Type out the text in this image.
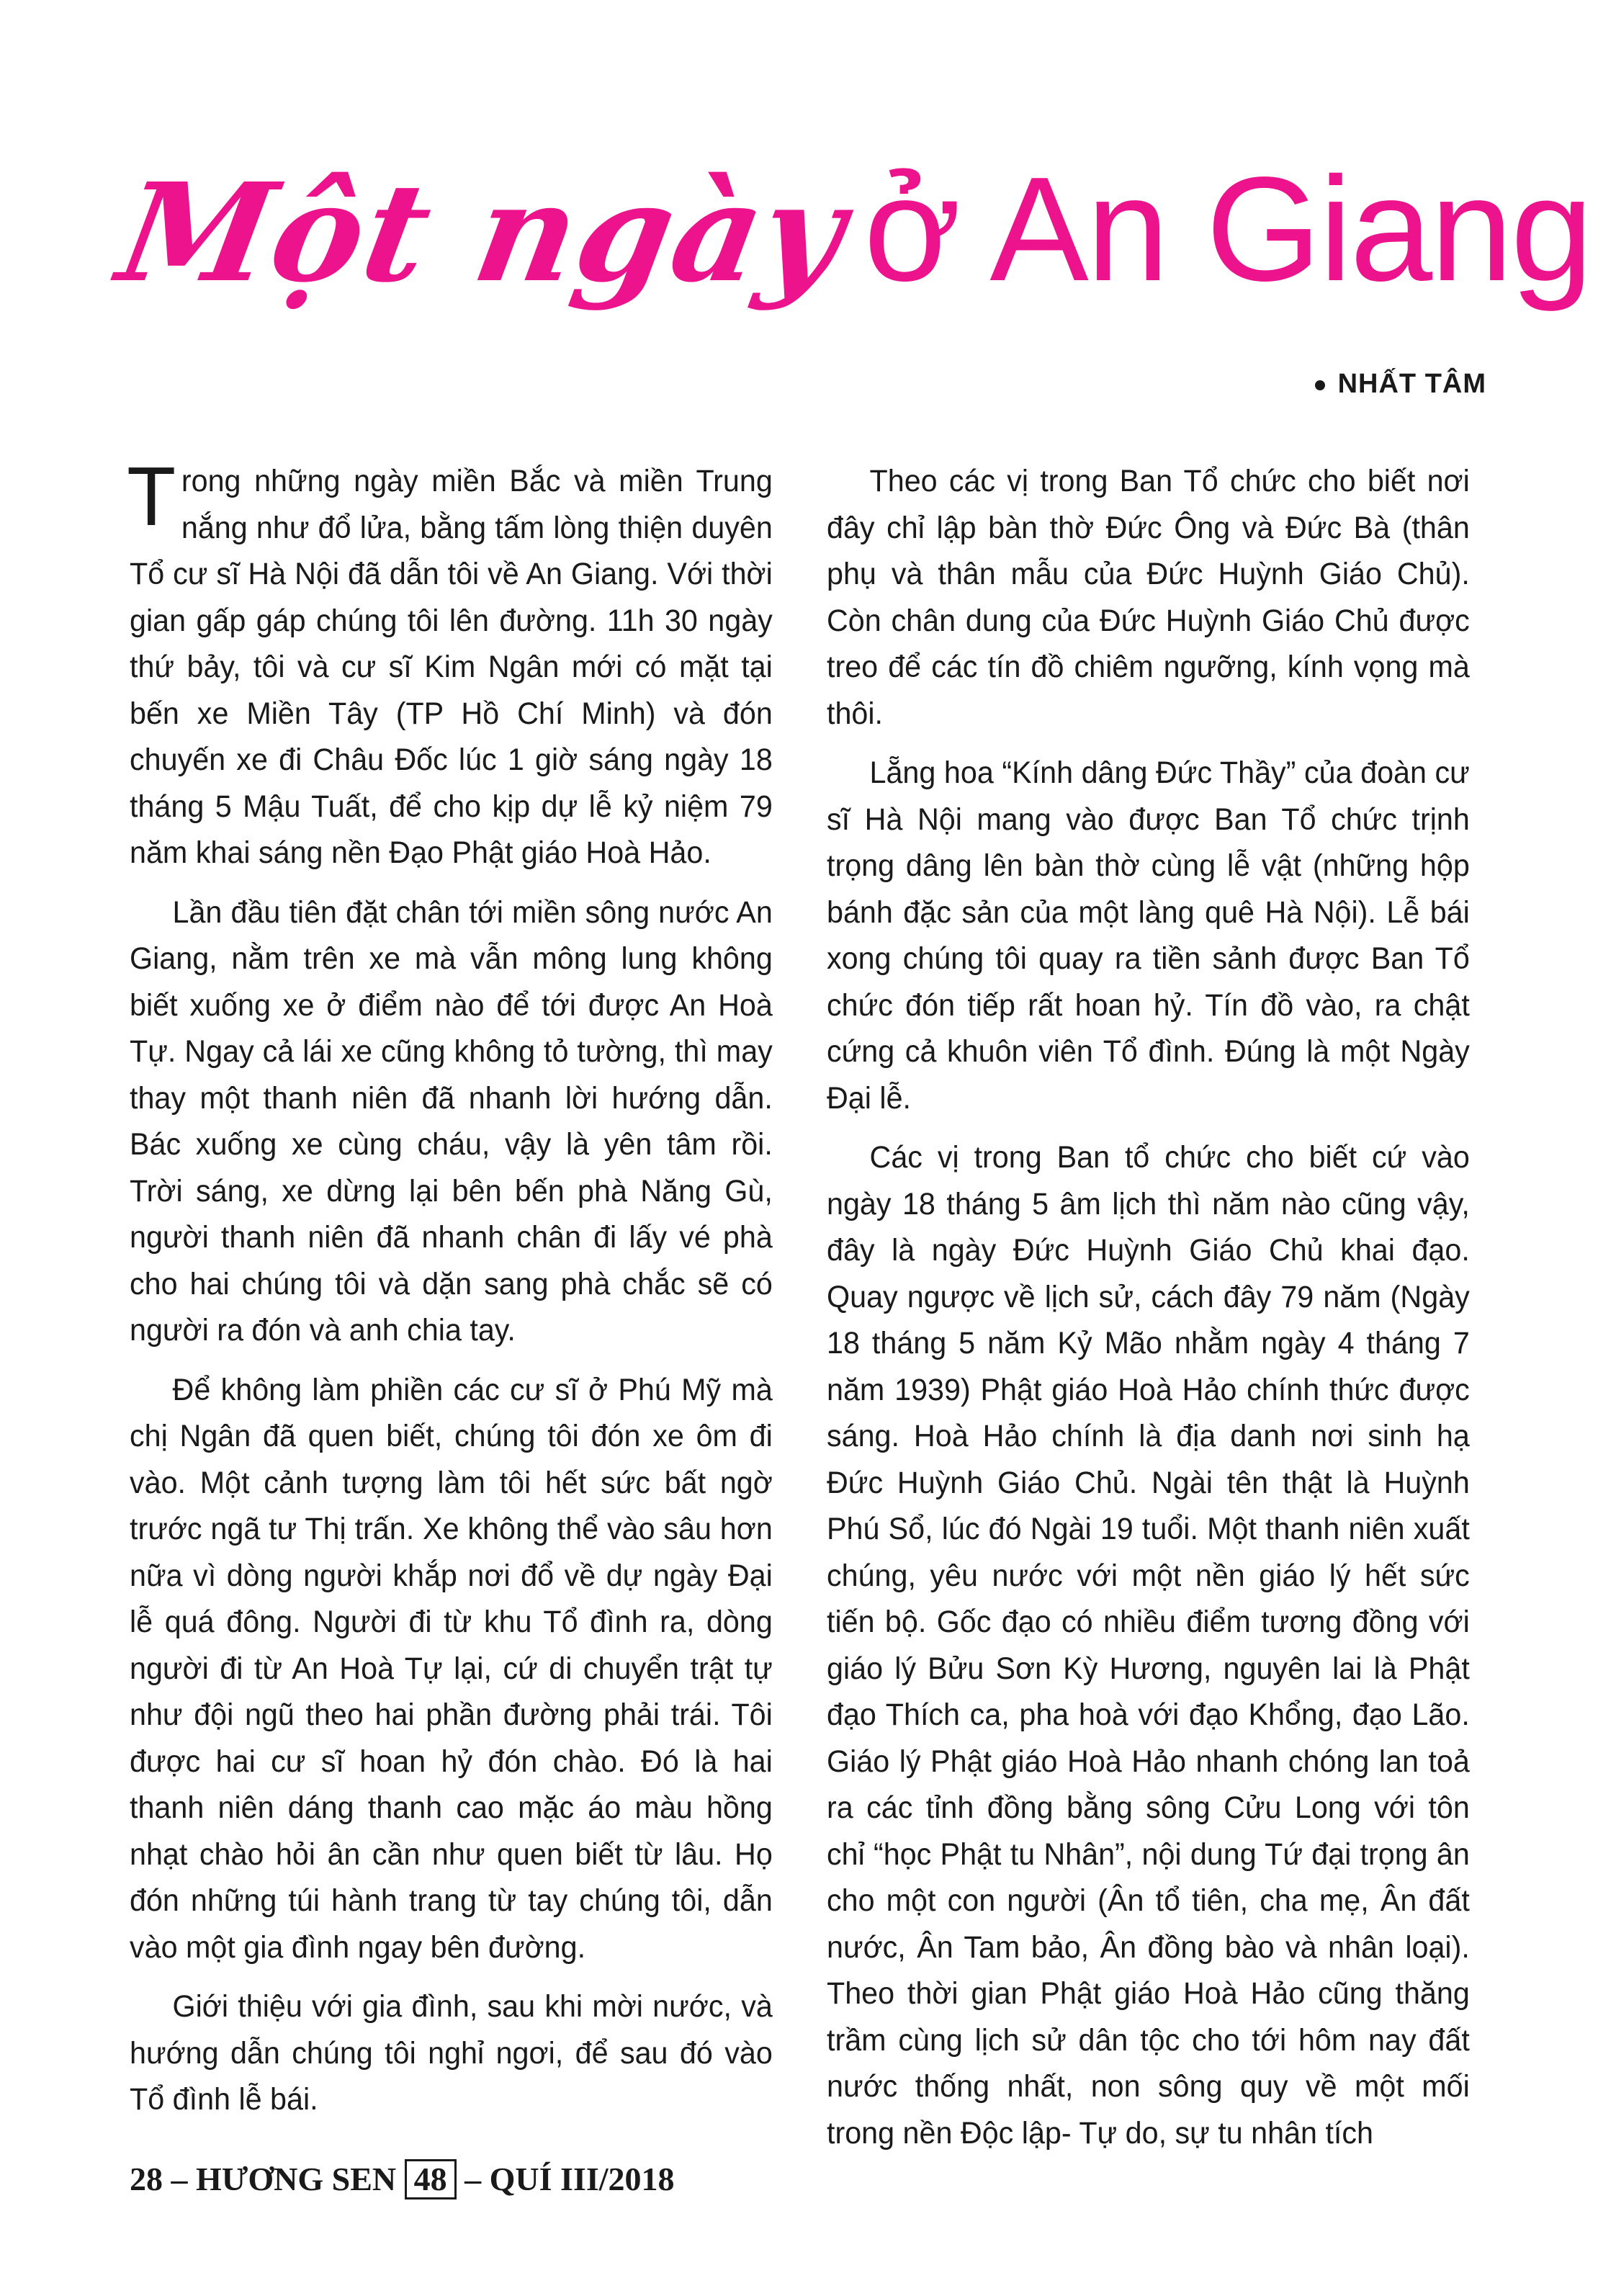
Một ngày ở An Giang
NHẤT TÂM

Trong những ngày miền Bắc và miền Trung nắng như đổ lửa, bằng tấm lòng thiện duyên Tổ cư sĩ Hà Nội đã dẫn tôi về An Giang. Với thời gian gấp gáp chúng tôi lên đường. 11h 30 ngày thứ bảy, tôi và cư sĩ Kim Ngân mới có mặt tại bến xe Miền Tây (TP Hồ Chí Minh) và đón chuyến xe đi Châu Đốc lúc 1 giờ sáng ngày 18 tháng 5 Mậu Tuất, để cho kịp dự lễ kỷ niệm 79 năm khai sáng nền Đạo Phật giáo Hoà Hảo.

Lần đầu tiên đặt chân tới miền sông nước An Giang, nằm trên xe mà vẫn mông lung không biết xuống xe ở điểm nào để tới được An Hoà Tự. Ngay cả lái xe cũng không tỏ tường, thì may thay một thanh niên đã nhanh lời hướng dẫn. Bác xuống xe cùng cháu, vậy là yên tâm rồi. Trời sáng, xe dừng lại bên bến phà Năng Gù, người thanh niên đã nhanh chân đi lấy vé phà cho hai chúng tôi và dặn sang phà chắc sẽ có người ra đón và anh chia tay.

Để không làm phiền các cư sĩ ở Phú Mỹ mà chị Ngân đã quen biết, chúng tôi đón xe ôm đi vào. Một cảnh tượng làm tôi hết sức bất ngờ trước ngã tư Thị trấn. Xe không thể vào sâu hơn nữa vì dòng người khắp nơi đổ về dự ngày Đại lễ quá đông. Người đi từ khu Tổ đình ra, dòng người đi từ An Hoà Tự lại, cứ di chuyển trật tự như đội ngũ theo hai phần đường phải trái. Tôi được hai cư sĩ hoan hỷ đón chào. Đó là hai thanh niên dáng thanh cao mặc áo màu hồng nhạt chào hỏi ân cần như quen biết từ lâu. Họ đón những túi hành trang từ tay chúng tôi, dẫn vào một gia đình ngay bên đường.

Giới thiệu với gia đình, sau khi mời nước, và hướng dẫn chúng tôi nghỉ ngơi, để sau đó vào Tổ đình lễ bái.

Theo các vị trong Ban Tổ chức cho biết nơi đây chỉ lập bàn thờ Đức Ông và Đức Bà (thân phụ và thân mẫu của Đức Huỳnh Giáo Chủ). Còn chân dung của Đức Huỳnh Giáo Chủ được treo để các tín đồ chiêm ngưỡng, kính vọng mà thôi.

Lẵng hoa “Kính dâng Đức Thầy” của đoàn cư sĩ Hà Nội mang vào được Ban Tổ chức trịnh trọng dâng lên bàn thờ cùng lễ vật (những hộp bánh đặc sản của một làng quê Hà Nội). Lễ bái xong chúng tôi quay ra tiền sảnh được Ban Tổ chức đón tiếp rất hoan hỷ. Tín đồ vào, ra chật cứng cả khuôn viên Tổ đình. Đúng là một Ngày Đại lễ.

Các vị trong Ban tổ chức cho biết cứ vào ngày 18 tháng 5 âm lịch thì năm nào cũng vậy, đây là ngày Đức Huỳnh Giáo Chủ khai đạo. Quay ngược về lịch sử, cách đây 79 năm (Ngày 18 tháng 5 năm Kỷ Mão nhằm ngày 4 tháng 7 năm 1939) Phật giáo Hoà Hảo chính thức được sáng. Hoà Hảo chính là địa danh nơi sinh hạ Đức Huỳnh Giáo Chủ. Ngài tên thật là Huỳnh Phú Sổ, lúc đó Ngài 19 tuổi. Một thanh niên xuất chúng, yêu nước với một nền giáo lý hết sức tiến bộ. Gốc đạo có nhiều điểm tương đồng với giáo lý Bửu Sơn Kỳ Hương, nguyên lai là Phật đạo Thích ca, pha hoà với đạo Khổng, đạo Lão. Giáo lý Phật giáo Hoà Hảo nhanh chóng lan toả ra các tỉnh đồng bằng sông Cửu Long với tôn chỉ “học Phật tu Nhân”, nội dung Tứ đại trọng ân cho một con người (Ân tổ tiên, cha mẹ, Ân đất nước, Ân Tam bảo, Ân đồng bào và nhân loại). Theo thời gian Phật giáo Hoà Hảo cũng thăng trầm cùng lịch sử dân tộc cho tới hôm nay đất nước thống nhất, non sông quy về một mối trong nền Độc lập- Tự do, sự tu nhân tích

28 – HƯƠNG SEN 48 – QUÍ III/2018
